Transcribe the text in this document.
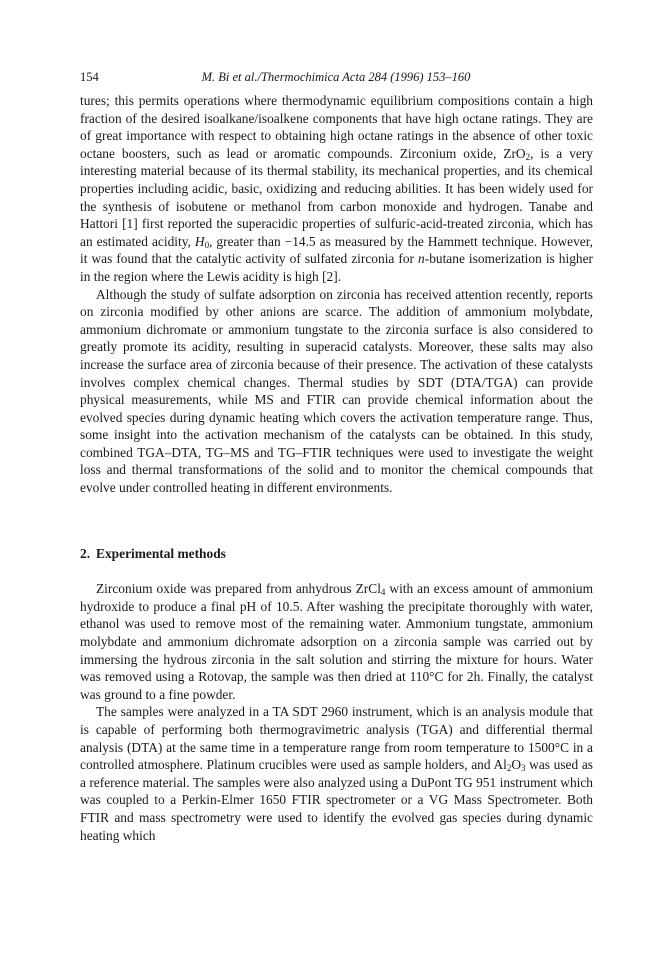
154	M. Bi et al./Thermochimica Acta 284 (1996) 153–160

tures; this permits operations where thermodynamic equilibrium compositions contain a high fraction of the desired isoalkane/isoalkene components that have high octane ratings. They are of great importance with respect to obtaining high octane ratings in the absence of other toxic octane boosters, such as lead or aromatic compounds. Zirconium oxide, ZrO$_2$, is a very interesting material because of its thermal stability, its mechanical properties, and its chemical properties including acidic, basic, oxidizing and reducing abilities. It has been widely used for the synthesis of isobutene or methanol from carbon monoxide and hydrogen. Tanabe and Hattori [1] first reported the superacidic properties of sulfuric-acid-treated zirconia, which has an estimated acidity, $H_0$, greater than −14.5 as measured by the Hammett technique. However, it was found that the catalytic activity of sulfated zirconia for n-butane isomerization is higher in the region where the Lewis acidity is high [2].

Although the study of sulfate adsorption on zirconia has received attention recently, reports on zirconia modified by other anions are scarce. The addition of ammonium molybdate, ammonium dichromate or ammonium tungstate to the zirconia surface is also considered to greatly promote its acidity, resulting in superacid catalysts. Moreover, these salts may also increase the surface area of zirconia because of their presence. The activation of these catalysts involves complex chemical changes. Thermal studies by SDT (DTA/TGA) can provide physical measurements, while MS and FTIR can provide chemical information about the evolved species during dynamic heating which covers the activation temperature range. Thus, some insight into the activation mechanism of the catalysts can be obtained. In this study, combined TGA–DTA, TG–MS and TG–FTIR techniques were used to investigate the weight loss and thermal transformations of the solid and to monitor the chemical compounds that evolve under controlled heating in different environments.

2. Experimental methods

Zirconium oxide was prepared from anhydrous ZrCl$_4$ with an excess amount of ammonium hydroxide to produce a final pH of 10.5. After washing the precipitate thoroughly with water, ethanol was used to remove most of the remaining water. Ammonium tungstate, ammonium molybdate and ammonium dichromate adsorption on a zirconia sample was carried out by immersing the hydrous zirconia in the salt solution and stirring the mixture for hours. Water was removed using a Rotovap, the sample was then dried at 110°C for 2h. Finally, the catalyst was ground to a fine powder.

The samples were analyzed in a TA SDT 2960 instrument, which is an analysis module that is capable of performing both thermogravimetric analysis (TGA) and differential thermal analysis (DTA) at the same time in a temperature range from room temperature to 1500°C in a controlled atmosphere. Platinum crucibles were used as sample holders, and $Al_2O_3$ was used as a reference material. The samples were also analyzed using a DuPont TG 951 instrument which was coupled to a Perkin-Elmer 1650 FTIR spectrometer or a VG Mass Spectrometer. Both FTIR and mass spectrometry were used to identify the evolved gas species during dynamic heating which
